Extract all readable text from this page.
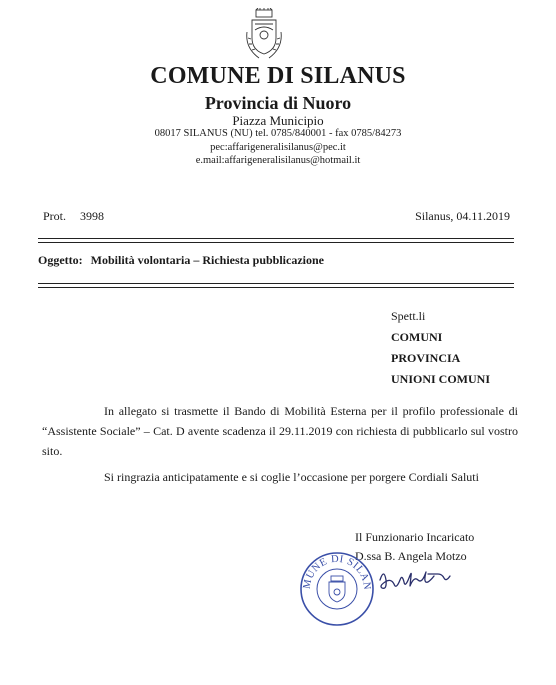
COMUNE DI SILANUS
Provincia di Nuoro
Piazza Municipio
08017 SILANUS (NU) tel. 0785/840001 - fax 0785/84273
pec:affarigeneralisilanus@pec.it
e.mail:affarigeneralisilanus@hotmail.it
Prot. 3998	Silanus, 04.11.2019
Oggetto: Mobilità volontaria – Richiesta pubblicazione
Spett.li
COMUNI
PROVINCIA
UNIONI COMUNI

In allegato si trasmette il Bando di Mobilità Esterna per il profilo professionale di “Assistente Sociale” – Cat. D avente scadenza il 29.11.2019 con richiesta di pubblicarlo sul vostro sito.

Si ringrazia anticipatamente e si coglie l’occasione per porgere Cordiali Saluti

Il Funzionario Incaricato
D.ssa B. Angela Motzo
MUNE DI SILAN
